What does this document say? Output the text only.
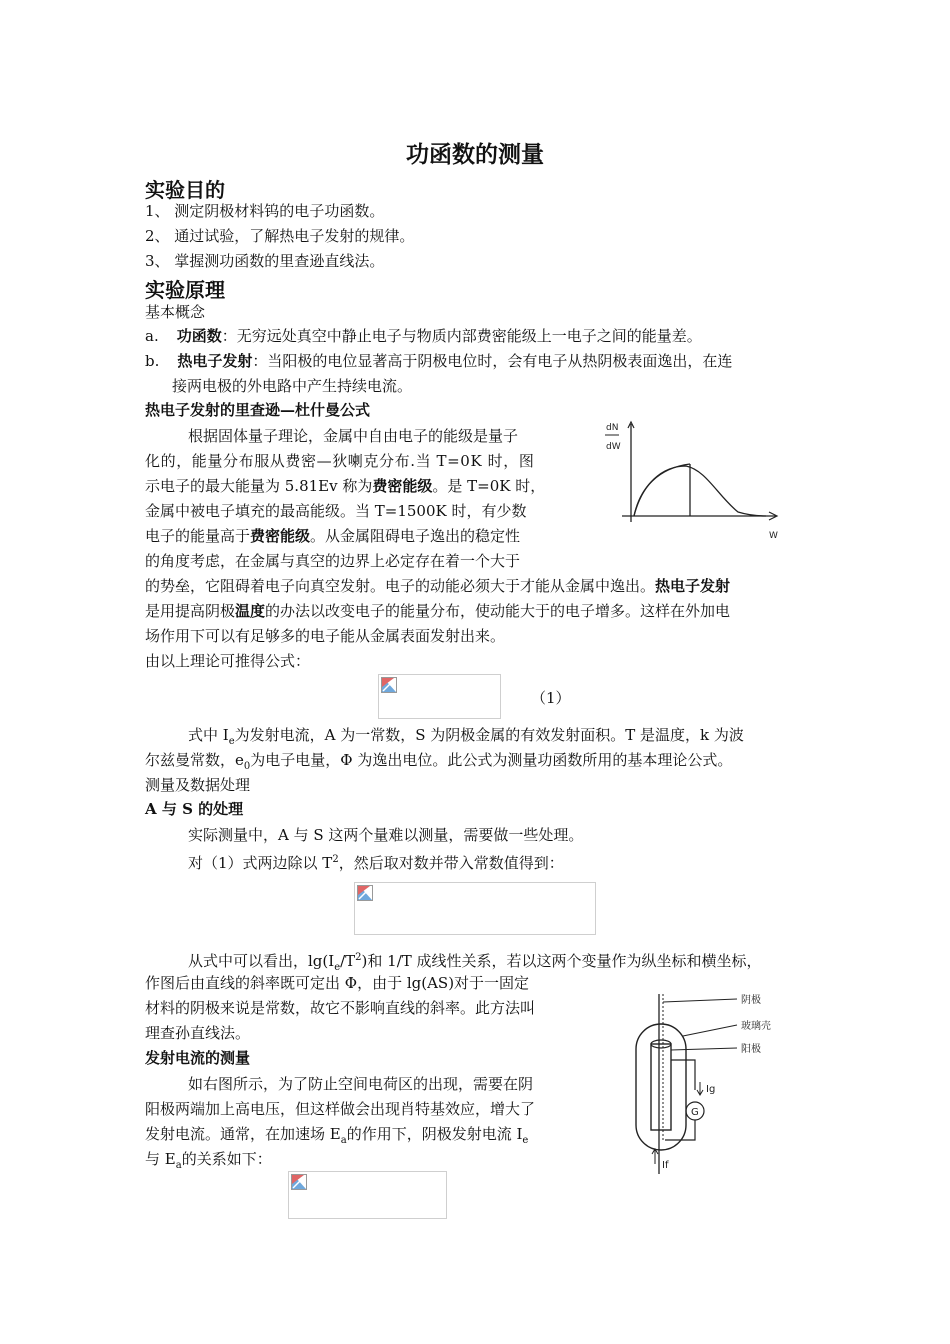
功函数的测量
实验目的
1、 测定阴极材料钨的电子功函数。
2、 通过试验，了解热电子发射的规律。
3、 掌握测功函数的里查逊直线法。
实验原理
基本概念
a. 功函数：无穷远处真空中静止电子与物质内部费密能级上一电子之间的能量差。
b. 热电子发射：当阳极的电位显著高于阴极电位时，会有电子从热阴极表面逸出，在连
接两电极的外电路中产生持续电流。
热电子发射的里查逊—杜什曼公式
根据固体量子理论，金属中自由电子的能级是量子
化的，能量分布服从费密—狄喇克分布.当 T=0K 时，图
示电子的最大能量为 5.81Ev 称为费密能级。是 T=0K 时，
金属中被电子填充的最高能级。当 T=1500K 时，有少数
电子的能量高于费密能级。从金属阻碍电子逸出的稳定性
的角度考虑，在金属与真空的边界上必定存在着一个大于
的势垒，它阻碍着电子向真空发射。电子的动能必须大于才能从金属中逸出。热电子发射
是用提高阴极温度的办法以改变电子的能量分布，使动能大于的电子增多。这样在外加电
场作用下可以有足够多的电子能从金属表面发射出来。
由以上理论可推得公式：
dN
dW
W
（1）
式中 $I_e$为发射电流，A 为一常数，S 为阴极金属的有效发射面积。T 是温度，k 为波
尔兹曼常数，$e_0$为电子电量，Φ 为逸出电位。此公式为测量功函数所用的基本理论公式。
测量及数据处理
A 与 S 的处理
实际测量中，A 与 S 这两个量难以测量，需要做一些处理。
对（1）式两边除以 $T^2$，然后取对数并带入常数值得到：
从式中可以看出，$\lg(I_e/T^2)$和 1/T 成线性关系，若以这两个变量作为纵坐标和横坐标，
作图后由直线的斜率既可定出 Φ，由于 lg(AS)对于一固定
材料的阴极来说是常数，故它不影响直线的斜率。此方法叫
理查孙直线法。
发射电流的测量
如右图所示，为了防止空间电荷区的出现，需要在阴
阳极两端加上高电压，但这样做会出现肖特基效应，增大了
发射电流。通常，在加速场 $E_a$的作用下，阴极发射电流 $I_e$
与 $E_a$的关系如下：
G
Ig
If
阴极
玻璃壳
阳极
